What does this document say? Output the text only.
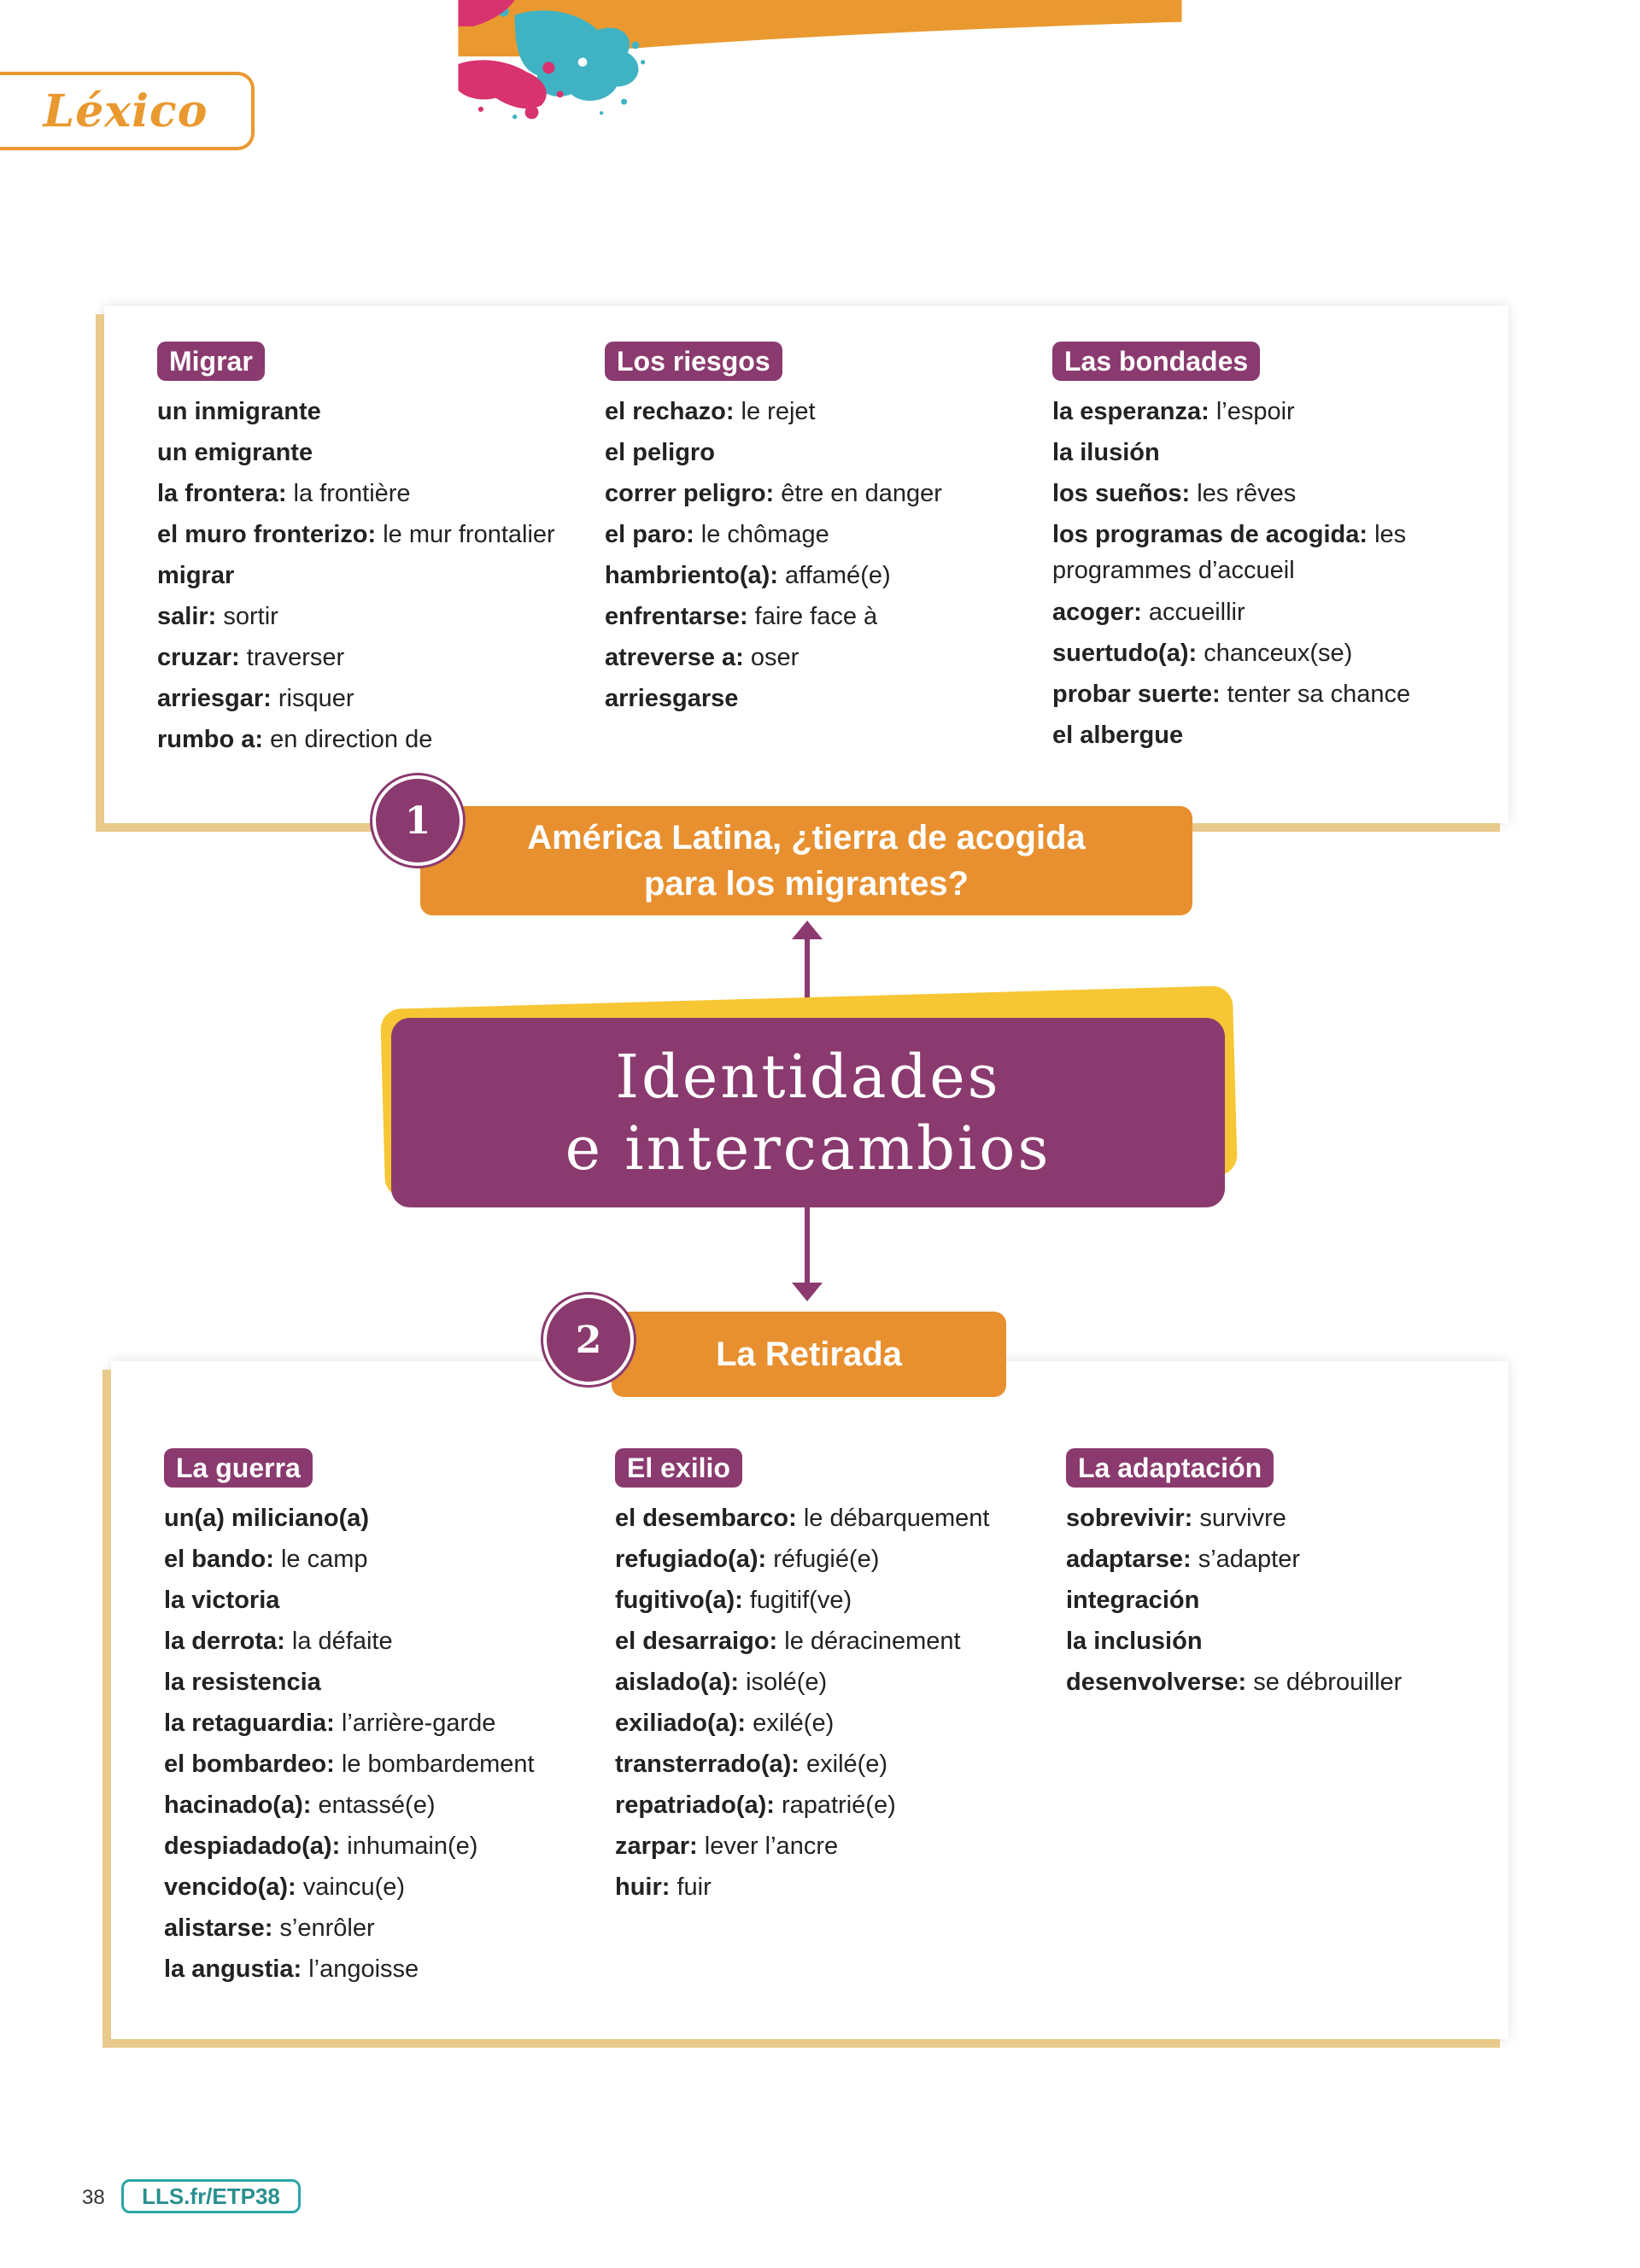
Léxico
Migrar

un inmigrante

un emigrante

la frontera: la frontière

el muro fronterizo: le mur frontalier

migrar

salir: sortir

cruzar: traverser

arriesgar: risquer

rumbo a: en direction de

Los riesgos

el rechazo: le rejet

el peligro

correr peligro: être en danger

el paro: le chômage

hambriento(a): affamé(e)

enfrentarse: faire face à

atreverse a: oser

arriesgarse

Las bondades

la esperanza: l’espoir

la ilusión

los sueños: les rêves

los programas de acogida: les programmes d’accueil

acoger: accueillir

suertudo(a): chanceux(se)

probar suerte: tenter sa chance

el albergue

América Latina, ¿tierra de acogida
para los migrantes?
1
Identidades
e intercambios
La guerra

un(a) miliciano(a)

el bando: le camp

la victoria

la derrota: la défaite

la resistencia

la retaguardia: l’arrière-garde

el bombardeo: le bombardement

hacinado(a): entassé(e)

despiadado(a): inhumain(e)

vencido(a): vaincu(e)

alistarse: s’enrôler

la angustia: l’angoisse

El exilio

el desembarco: le débarquement

refugiado(a): réfugié(e)

fugitivo(a): fugitif(ve)

el desarraigo: le déracinement

aislado(a): isolé(e)

exiliado(a): exilé(e)

transterrado(a): exilé(e)

repatriado(a): rapatrié(e)

zarpar: lever l’ancre

huir: fuir

La adaptación

sobrevivir: survivre

adaptarse: s’adapter

integración

la inclusión

desenvolverse: se débrouiller

La Retirada
2
38	LLS.fr/ETP38
